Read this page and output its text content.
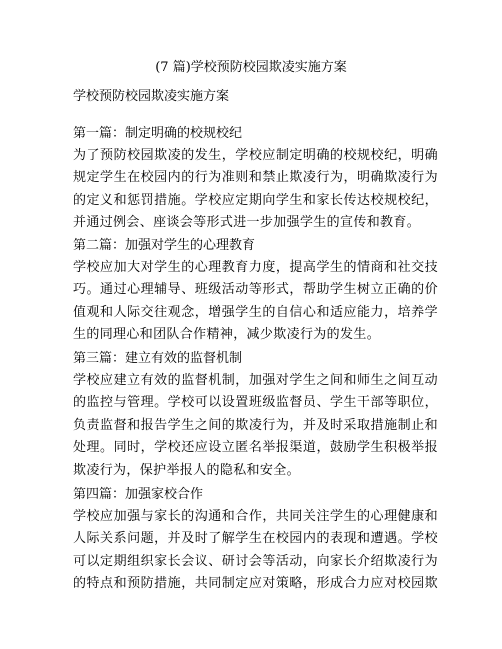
(7 篇)学校预防校园欺凌实施方案
学校预防校园欺凌实施方案
第一篇：制定明确的校规校纪
为了预防校园欺凌的发生，学校应制定明确的校规校纪，明确
规定学生在校园内的行为准则和禁止欺凌行为，明确欺凌行为
的定义和惩罚措施。学校应定期向学生和家长传达校规校纪，
并通过例会、座谈会等形式进一步加强学生的宣传和教育。
第二篇：加强对学生的心理教育
学校应加大对学生的心理教育力度，提高学生的情商和社交技
巧。通过心理辅导、班级活动等形式，帮助学生树立正确的价
值观和人际交往观念，增强学生的自信心和适应能力，培养学
生的同理心和团队合作精神，减少欺凌行为的发生。
第三篇：建立有效的监督机制
学校应建立有效的监督机制，加强对学生之间和师生之间互动
的监控与管理。学校可以设置班级监督员、学生干部等职位，
负责监督和报告学生之间的欺凌行为，并及时采取措施制止和
处理。同时，学校还应设立匿名举报渠道，鼓励学生积极举报
欺凌行为，保护举报人的隐私和安全。
第四篇：加强家校合作
学校应加强与家长的沟通和合作，共同关注学生的心理健康和
人际关系问题，并及时了解学生在校园内的表现和遭遇。学校
可以定期组织家长会议、研讨会等活动，向家长介绍欺凌行为
的特点和预防措施，共同制定应对策略，形成合力应对校园欺
